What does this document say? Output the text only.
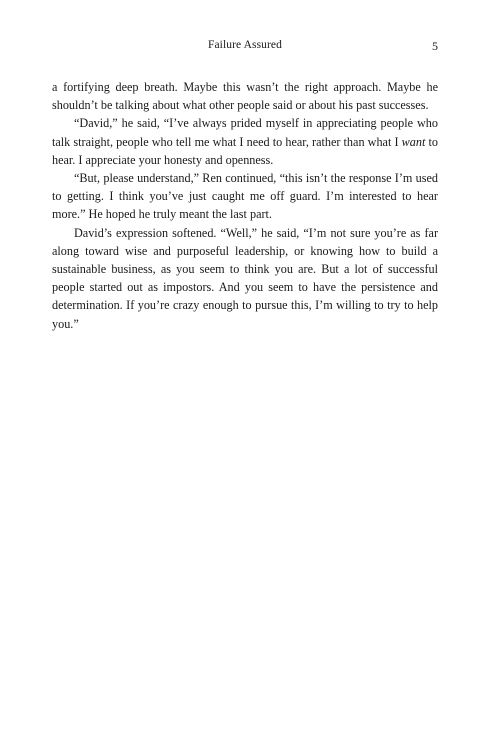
Failure Assured	5

a fortifying deep breath. Maybe this wasn’t the right approach. Maybe he shouldn’t be talking about what other people said or about his past successes.

“David,” he said, “I’ve always prided myself in appreciating people who talk straight, people who tell me what I need to hear, rather than what I want to hear. I appreciate your honesty and openness.

“But, please understand,” Ren continued, “this isn’t the response I’m used to getting. I think you’ve just caught me off guard. I’m interested to hear more.” He hoped he truly meant the last part.

David’s expression softened. “Well,” he said, “I’m not sure you’re as far along toward wise and purposeful leadership, or knowing how to build a sustainable business, as you seem to think you are. But a lot of successful people started out as impostors. And you seem to have the persistence and determination. If you’re crazy enough to pursue this, I’m willing to try to help you.”
